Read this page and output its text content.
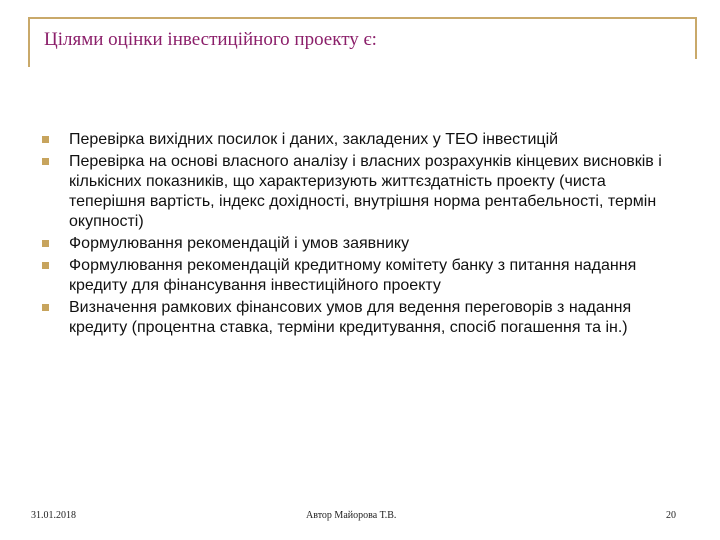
Цілями оцінки інвестиційного проекту є:
Перевірка вихідних посилок і даних, закладених у ТЕО інвестицій
Перевірка на основі власного аналізу і власних розрахунків кінцевих висновків і кількісних показників, що характеризують життєздатність проекту (чиста теперішня вартість, індекс дохідності, внутрішня норма рентабельності, термін окупності)
Формулювання рекомендацій і умов заявнику
Формулювання рекомендацій кредитному комітету банку з питання надання кредиту для фінансування інвестиційного проекту
Визначення рамкових фінансових умов для ведення переговорів з надання кредиту (процентна ставка, терміни кредитування, спосіб погашення та ін.)
31.01.2018	Автор Майорова Т.В.	20
